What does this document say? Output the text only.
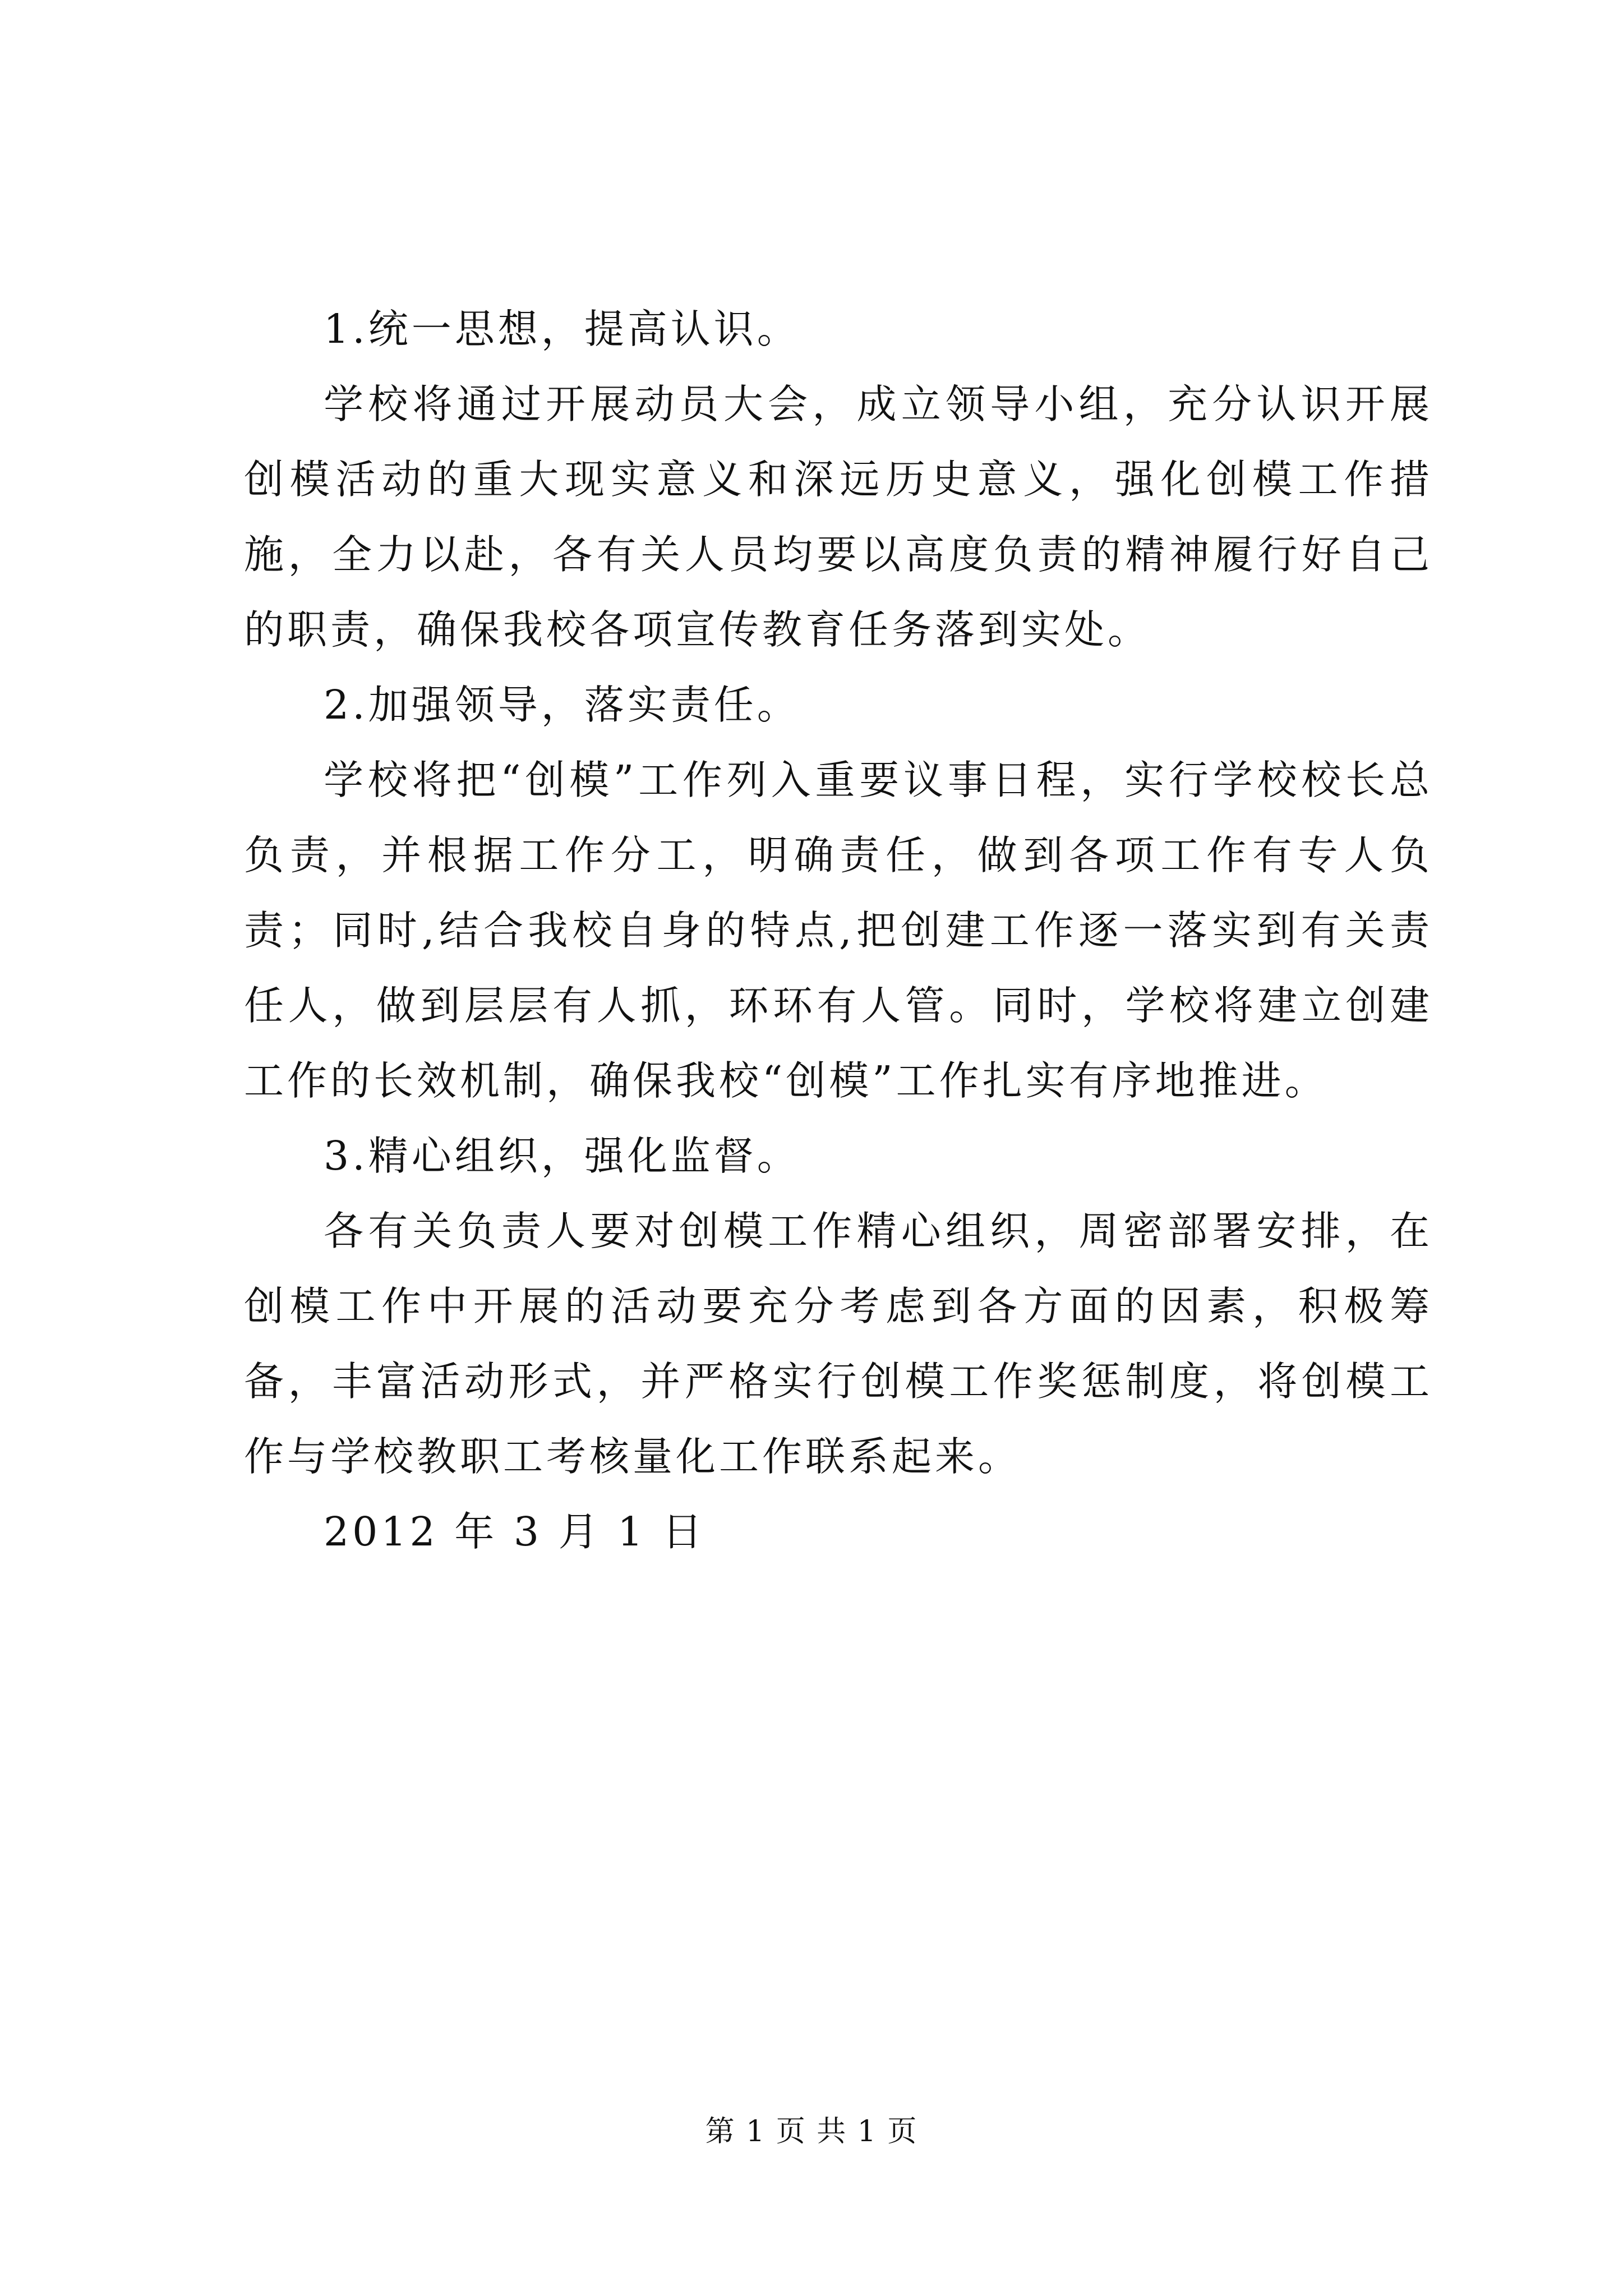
1.统一思想，提高认识。

学校将通过开展动员大会，成立领导小组，充分认识开展创模活动的重大现实意义和深远历史意义，强化创模工作措施，全力以赴，各有关人员均要以高度负责的精神履行好自己的职责，确保我校各项宣传教育任务落到实处。

2.加强领导，落实责任。

学校将把“创模”工作列入重要议事日程，实行学校校长总负责，并根据工作分工，明确责任，做到各项工作有专人负责；同时,结合我校自身的特点,把创建工作逐一落实到有关责任人，做到层层有人抓，环环有人管。同时，学校将建立创建工作的长效机制，确保我校“创模”工作扎实有序地推进。

3.精心组织，强化监督。

各有关负责人要对创模工作精心组织，周密部署安排，在创模工作中开展的活动要充分考虑到各方面的因素，积极筹备，丰富活动形式，并严格实行创模工作奖惩制度，将创模工作与学校教职工考核量化工作联系起来。

2012 年 3 月 1 日

第 1 页 共 1 页
